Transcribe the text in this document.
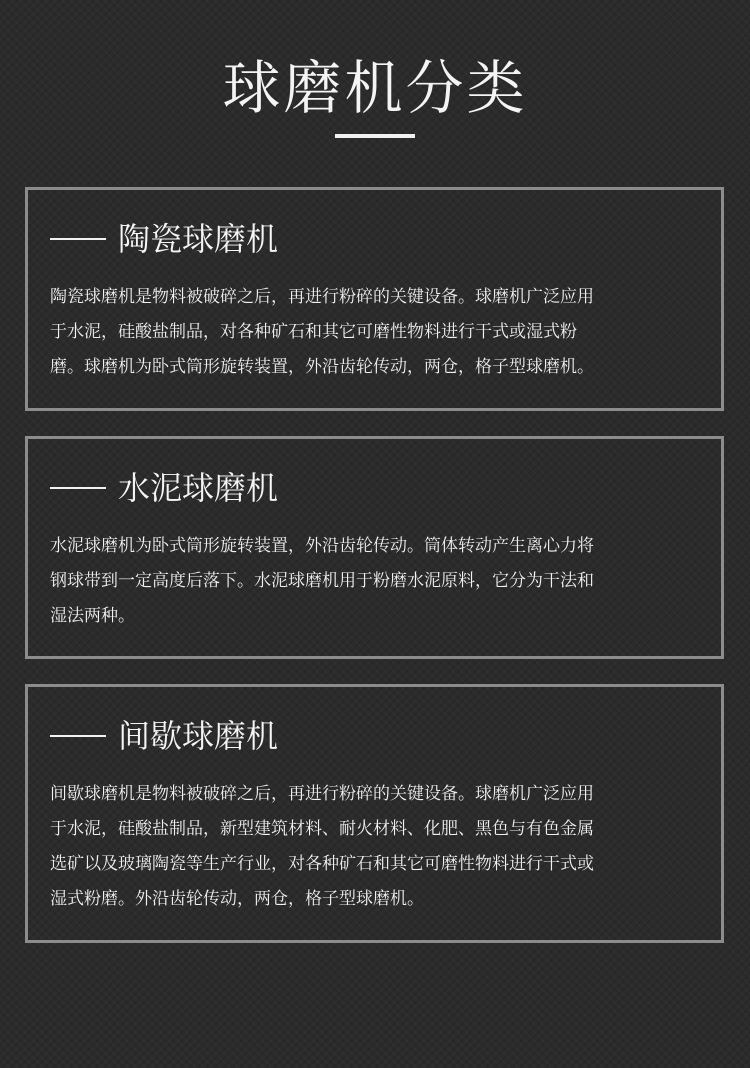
球磨机分类
陶瓷球磨机

陶瓷球磨机是物料被破碎之后，再进行粉碎的关键设备。球磨机广泛应用
于水泥，硅酸盐制品，对各种矿石和其它可磨性物料进行干式或湿式粉
磨。球磨机为卧式筒形旋转装置，外沿齿轮传动，两仓，格子型球磨机。

水泥球磨机

水泥球磨机为卧式筒形旋转装置，外沿齿轮传动。筒体转动产生离心力将
钢球带到一定高度后落下。水泥球磨机用于粉磨水泥原料，它分为干法和
湿法两种。

间歇球磨机

间歇球磨机是物料被破碎之后，再进行粉碎的关键设备。球磨机广泛应用
于水泥，硅酸盐制品，新型建筑材料、耐火材料、化肥、黑色与有色金属
选矿以及玻璃陶瓷等生产行业，对各种矿石和其它可磨性物料进行干式或
湿式粉磨。外沿齿轮传动，两仓，格子型球磨机。
